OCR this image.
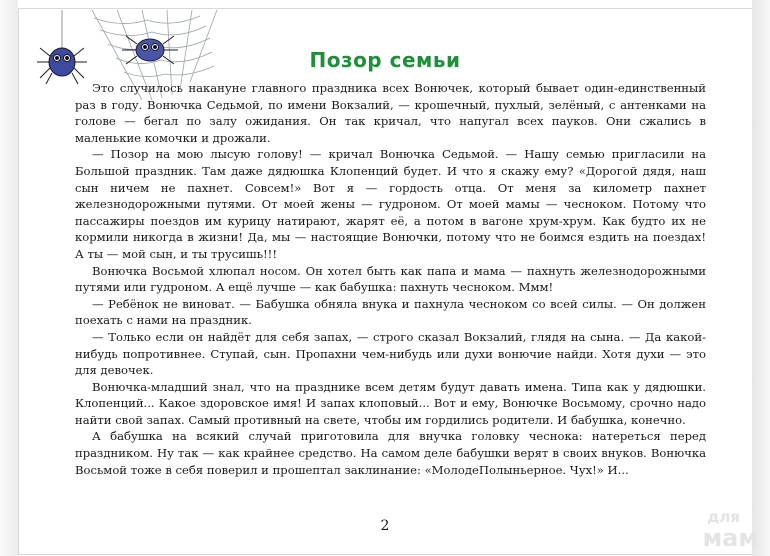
Позор семьи

Это случилось накануне главного праздника всех Вонючек, который бывает один-единственный раз в году. Вонючка Седьмой, по имени Вокзалий, — крошечный, пухлый, зелёный, с антенками на голове — бегал по залу ожидания. Он так кричал, что напугал всех пауков. Они сжались в маленькие комочки и дрожали.

— Позор на мою лысую голову! — кричал Вонючка Седьмой. — Нашу семью пригласили на Большой праздник. Там даже дядюшка Клопенций будет. И что я скажу ему? «Дорогой дядя, наш сын ничем не пахнет. Совсем!» Вот я — гордость отца. От меня за километр пахнет железнодорожными путями. От моей жены — гудроном. От моей мамы — чесноком. Потому что пассажиры поездов им курицу натирают, жарят её, а потом в вагоне хрум-хрум. Как будто их не кормили никогда в жизни! Да, мы — настоящие Вонючки, потому что не боимся ездить на поездах! А ты — мой сын, и ты трусишь!!!

Вонючка Восьмой хлюпал носом. Он хотел быть как папа и мама — пахнуть железнодорожными путями или гудроном. А ещё лучше — как бабушка: пахнуть чесноком. Ммм!

— Ребёнок не виноват. — Бабушка обняла внука и пахнула чесноком со всей силы. — Он должен поехать с нами на праздник.

— Только если он найдёт для себя запах, — строго сказал Вокзалий, глядя на сына. — Да какой-нибудь попротивнее. Ступай, сын. Пропахни чем-нибудь или духи вонючие найди. Хотя духи — это для девочек.

Вонючка-младший знал, что на празднике всем детям будут давать имена. Типа как у дядюшки. Клопенций... Какое здоровское имя! И запах клоповый... Вот и ему, Вонючке Восьмому, срочно надо найти свой запах. Самый противный на свете, чтобы им гордились родители. И бабушка, конечно.

А бабушка на всякий случай приготовила для внучка головку чеснока: натереться перед праздником. Ну так — как крайнее средство. На самом деле бабушки верят в своих внуков. Вонючка Восьмой тоже в себя поверил и прошептал заклинание: «МолодеПолыньерное. Чух!» И...

2	для
мам
